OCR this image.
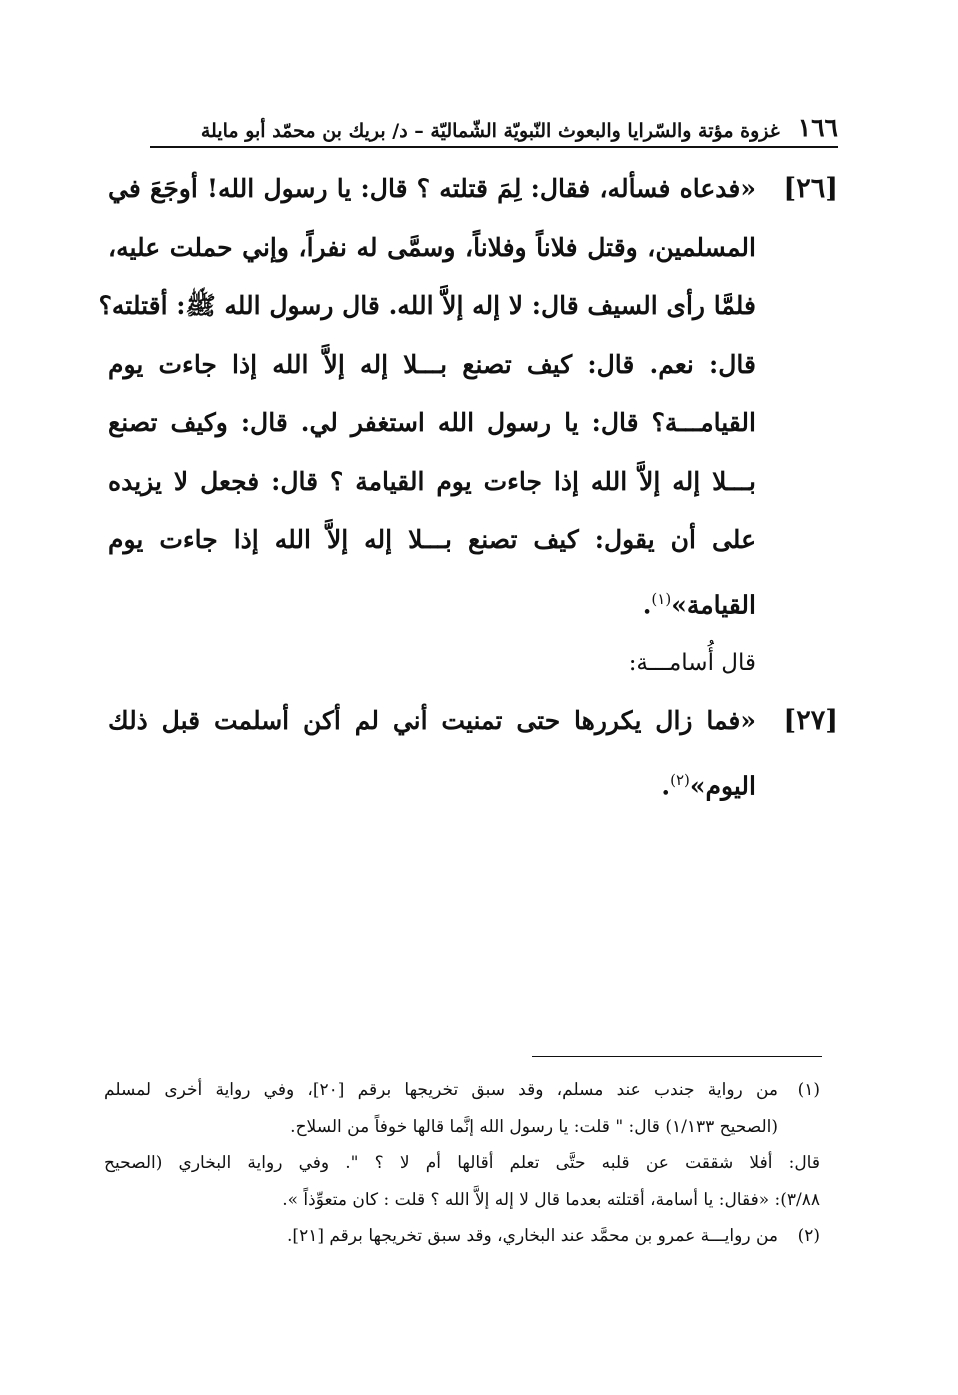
١٦٦
غزوة مؤتة والسّرايا والبعوث النّبويّة الشّماليّة – د/ بريك بن محمّد أبو مايلة
[٢٦]
«فدعاه فسأله، فقال: لِمَ قتلته ؟ قال: يا رسول الله! أوجَعَ في
المسلمين، وقتل فلاناً وفلاناً، وسمَّى له نفراً، وإني حملت عليه،
فلمَّا رأى السيف قال: لا إله إلاَّ الله. قال رسول الله ﷺ: أقتلته؟
قال: نعم. قال: كيف تصنع بـــلا إله إلاَّ الله إذا جاءت يوم
القيامـــة؟ قال: يا رسول الله استغفر لي. قال: وكيف تصنع
بـــلا إله إلاَّ الله إذا جاءت يوم القيامة ؟ قال: فجعل لا يزيده
على أن يقول: كيف تصنع بـــلا إله إلاَّ الله إذا جاءت يوم
القيامة»$^{(١)}$.
قال أُسامـــة:
[٢٧]
«فما زال يكررها حتى تمنيت أني لم أكن أسلمت قبل ذلك
اليوم»$^{(٢)}$.
(١)
من رواية جندب عند مسلم، وقد سبق تخريجها برقم [٢٠]، وفي رواية أخرى لمسلم
(الصحيح ١/١٣٣) قال: " قلت: يا رسول الله إنَّما قالها خوفاً من السلاح.
قال: أفلا شققت عن قلبه حتَّى تعلم أقالها أم لا ؟ ". وفي رواية البخاري (الصحيح
٣/٨٨): «فقال: يا أسامة، أقتلته بعدما قال لا إله إلاَّ الله ؟ قلت : كان متعوِّذاً ».
(٢)
من روايـــة عمرو بن محمَّد عند البخاري، وقد سبق تخريجها برقم [٢١].
